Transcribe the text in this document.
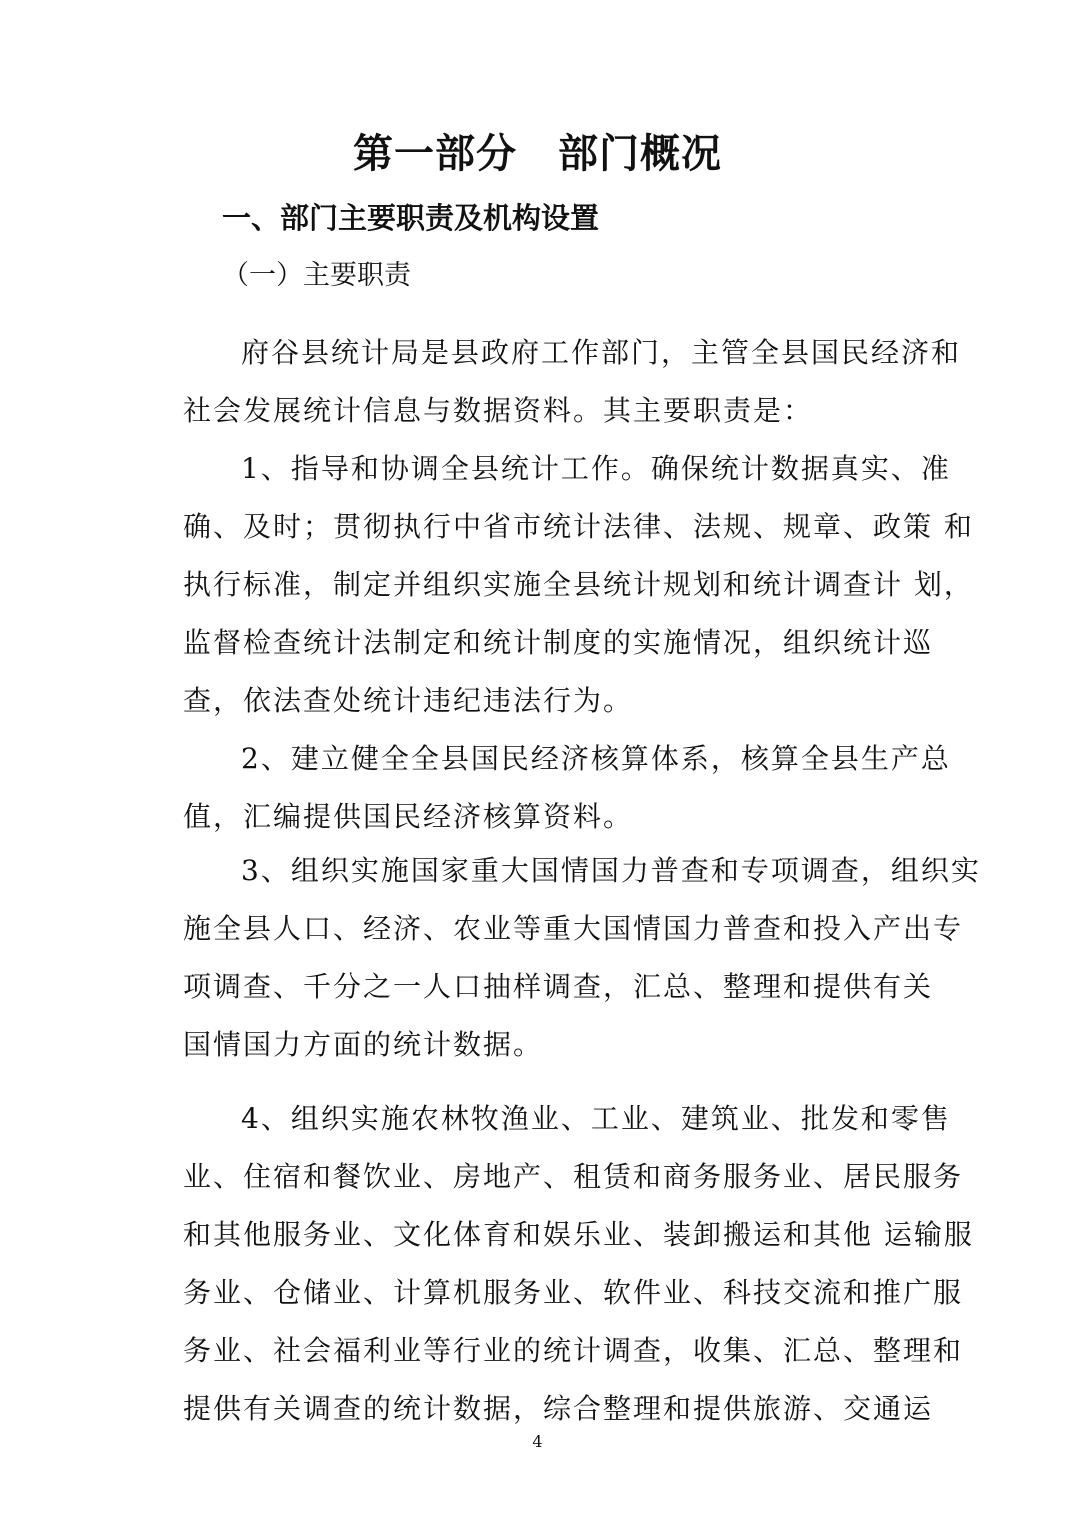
第一部分　部门概况
一、部门主要职责及机构设置
（一）主要职责
府谷县统计局是县政府工作部门，主管全县国民经济和
社会发展统计信息与数据资料。其主要职责是：
1、指导和协调全县统计工作。确保统计数据真实、准
确、及时；贯彻执行中省市统计法律、法规、规章、政策 和
执行标准，制定并组织实施全县统计规划和统计调查计 划，
监督检查统计法制定和统计制度的实施情况，组织统计巡
查，依法查处统计违纪违法行为。
2、建立健全全县国民经济核算体系，核算全县生产总
值，汇编提供国民经济核算资料。
3、组织实施国家重大国情国力普查和专项调查，组织实
施全县人口、经济、农业等重大国情国力普查和投入产出专
项调查、千分之一人口抽样调查，汇总、整理和提供有关
国情国力方面的统计数据。
4、组织实施农林牧渔业、工业、建筑业、批发和零售
业、住宿和餐饮业、房地产、租赁和商务服务业、居民服务
和其他服务业、文化体育和娱乐业、装卸搬运和其他 运输服
务业、仓储业、计算机服务业、软件业、科技交流和推广服
务业、社会福利业等行业的统计调查，收集、汇总、整理和
提供有关调查的统计数据，综合整理和提供旅游、交通运
4
